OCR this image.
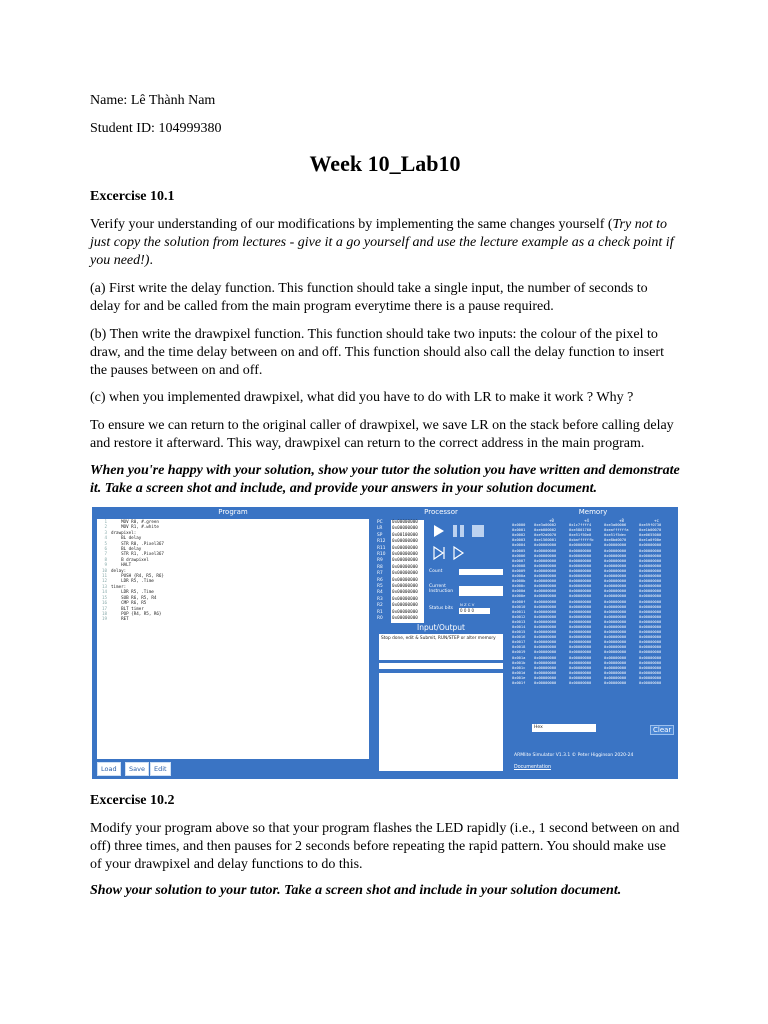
Name: Lê Thành Nam

Student ID: 104999380

Week 10_Lab10

Excercise 10.1

Verify your understanding of our modifications by implementing the same changes yourself (Try not to just copy the solution from lectures - give it a go yourself and use the lecture example as a check point if you need!).

(a) First write the delay function. This function should take a single input, the number of seconds to delay for and be called from the main program everytime there is a pause required.

(b) Then write the drawpixel function. This function should take two inputs: the colour of the pixel to draw, and the time delay between on and off. This function should also call the delay function to insert the pauses between on and off.

(c) when you implemented drawpixel, what did you have to do with LR to make it work ? Why ?

To ensure we can return to the original caller of drawpixel, we save LR on the stack before calling delay and restore it afterward. This way, drawpixel can return to the correct address in the main program.

When you're happy with your solution, show your tutor the solution you have written and demonstrate it. Take a screen shot and include, and provide your answers in your solution document.

Excercise 10.2

Modify your program above so that your program flashes the LED rapidly (i.e., 1 second between on and off) three times, and then pauses for 2 seconds before repeating the rapid pattern. You should make use of your drawpixel and delay functions to do this.

Show your solution to your tutor. Take a screen shot and include in your solution document.

Program
1 MOV R0, #.green
2 MOV R1, #.white
3 drawpixel:
4 BL delay
5 STR R0, .Pixel367
6 BL delay
7 STR R1, .Pixel367
8 B drawpixel
9 HALT
10 delay:
11 PUSH {R4, R5, R6}
12 LDR R5, .Time
13 timer:
14 LDR R5, .Time
15 SUB R6, R5, R4
16 CMP R6, R5
17 BLT timer
18 POP {R4, R5, R6}
19 RET
Load	Save	Edit
Processor
PC	0x00000000
LR	0x00000000
SP	0x00100000
R12	0x00000000
R11	0x00000000
R10	0x00000000
R9	0x00000000
R8	0x00000000
R7	0x00000000
R6	0x00000000
R5	0x00000000
R4	0x00000000
R3	0x00000000
R2	0x00000000
R1	0x00000000
R0	0x00000000
Count
Current Instruction
Status bits
N Z C V
0 0 0 0
Input/Output
Stop done, edit & Submit, RUN/STEP or alter memory
Memory
+0	+4	+8	+c
0x0000	0xe3a00002	0x1c7ffff4	0xe3a00006	0xe59f0730
0x0001	0xeb000002	0xe5801760	0xeaffffffa	0xe1b00070
0x0002	0xe92d0070	0xe51f50e0	0xe51f5dec	0xe0655000
0x0003	0xe1560001	0xbaffffffb	0xe8bd0070	0xe1a0f00e
0x0004	0x00000000	0x00000000	0x00000000	0x00000000
0x0005	0x00000000	0x00000000	0x00000000	0x00000000
0x0006	0x00000000	0x00000000	0x00000000	0x00000000
0x0007	0x00000000	0x00000000	0x00000000	0x00000000
0x0008	0x00000000	0x00000000	0x00000000	0x00000000
0x0009	0x00000000	0x00000000	0x00000000	0x00000000
0x000a	0x00000000	0x00000000	0x00000000	0x00000000
0x000b	0x00000000	0x00000000	0x00000000	0x00000000
0x000c	0x00000000	0x00000000	0x00000000	0x00000000
0x000d	0x00000000	0x00000000	0x00000000	0x00000000
0x000e	0x00000000	0x00000000	0x00000000	0x00000000
0x000f	0x00000000	0x00000000	0x00000000	0x00000000
0x0010	0x00000000	0x00000000	0x00000000	0x00000000
0x0011	0x00000000	0x00000000	0x00000000	0x00000000
0x0012	0x00000000	0x00000000	0x00000000	0x00000000
0x0013	0x00000000	0x00000000	0x00000000	0x00000000
0x0014	0x00000000	0x00000000	0x00000000	0x00000000
0x0015	0x00000000	0x00000000	0x00000000	0x00000000
0x0016	0x00000000	0x00000000	0x00000000	0x00000000
0x0017	0x00000000	0x00000000	0x00000000	0x00000000
0x0018	0x00000000	0x00000000	0x00000000	0x00000000
0x0019	0x00000000	0x00000000	0x00000000	0x00000000
0x001a	0x00000000	0x00000000	0x00000000	0x00000000
0x001b	0x00000000	0x00000000	0x00000000	0x00000000
0x001c	0x00000000	0x00000000	0x00000000	0x00000000
0x001d	0x00000000	0x00000000	0x00000000	0x00000000
0x001e	0x00000000	0x00000000	0x00000000	0x00000000
0x001f	0x00000000	0x00000000	0x00000000	0x00000000
Hex	Clear
ARMlite Simulator V1.3.1 © Peter Higginson 2020-24
Documentation
